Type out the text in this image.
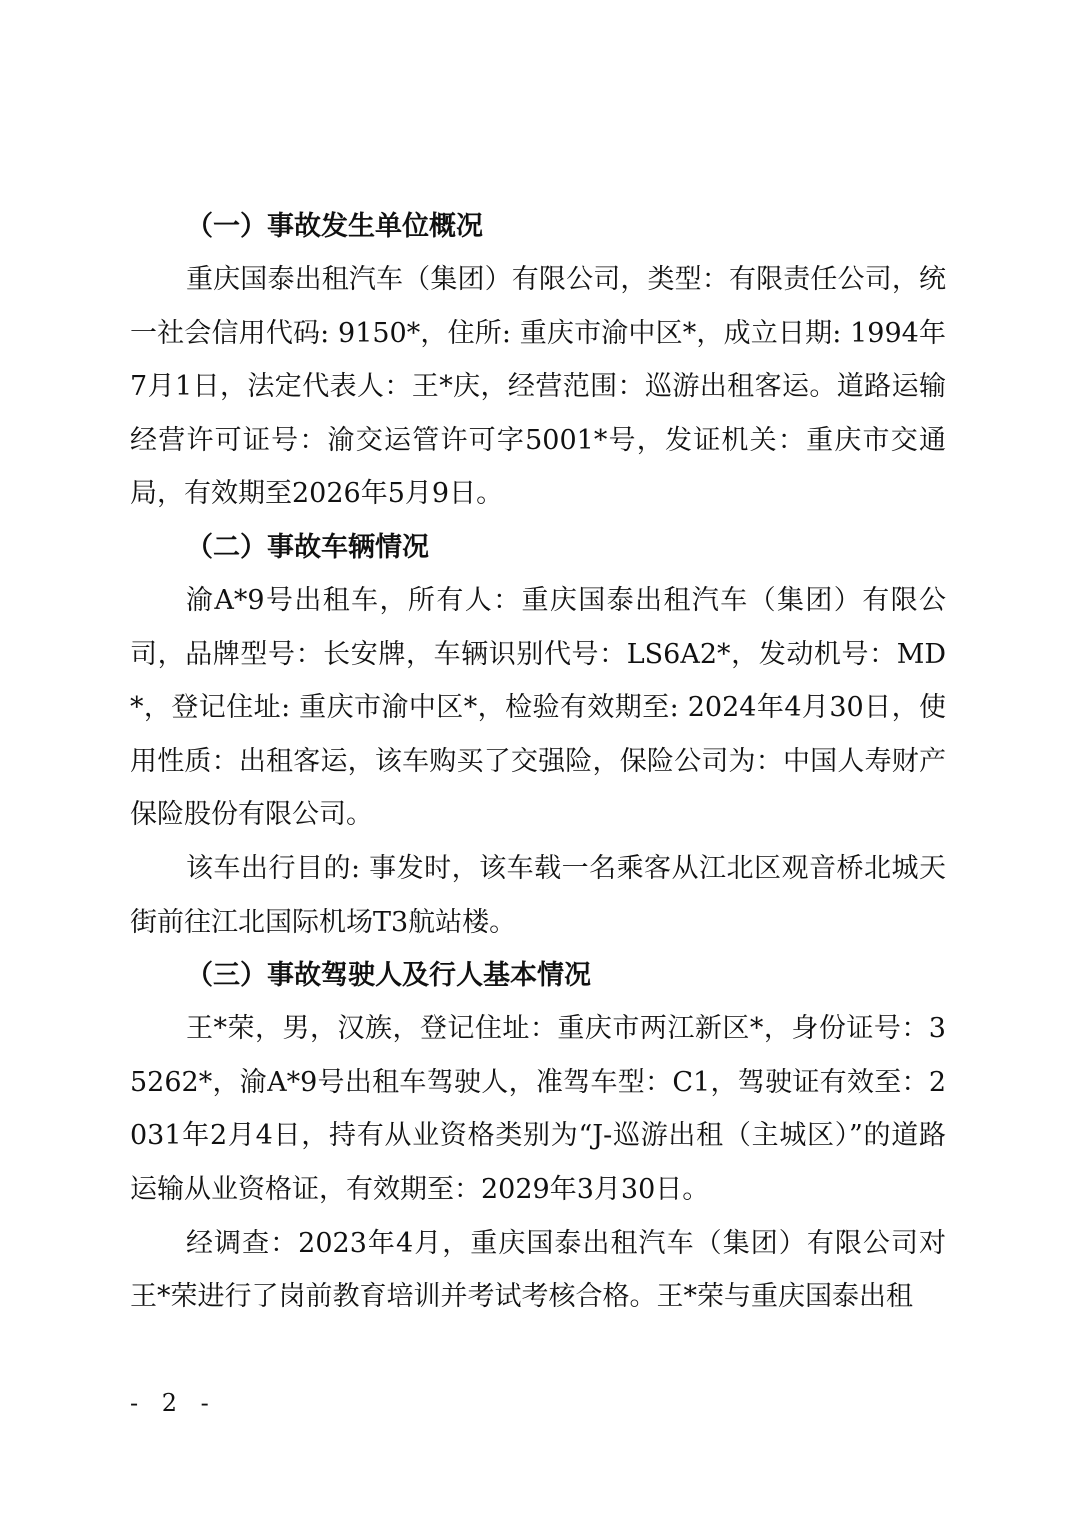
（一）事故发生单位概况

重庆国泰出租汽车（集团）有限公司，类型：有限责任公司，统一社会信用代码: 9150*，住所: 重庆市渝中区*，成立日期: 1994年7月1日，法定代表人：王*庆，经营范围：巡游出租客运。道路运输经营许可证号：渝交运管许可字5001*号，发证机关：重庆市交通局，有效期至2026年5月9日。

（二）事故车辆情况

渝A*9号出租车，所有人：重庆国泰出租汽车（集团）有限公司，品牌型号：长安牌，车辆识别代号：LS6A2*，发动机号：MD*，登记住址: 重庆市渝中区*，检验有效期至: 2024年4月30日，使用性质：出租客运，该车购买了交强险，保险公司为：中国人寿财产保险股份有限公司。

该车出行目的: 事发时，该车载一名乘客从江北区观音桥北城天街前往江北国际机场T3航站楼。

（三）事故驾驶人及行人基本情况

王*荣，男，汉族，登记住址：重庆市两江新区*，身份证号：35262*，渝A*9号出租车驾驶人，准驾车型：C1，驾驶证有效至：2031年2月4日，持有从业资格类别为“J-巡游出租（主城区）”的道路运输从业资格证，有效期至：2029年3月30日。

经调查：2023年4月，重庆国泰出租汽车（集团）有限公司对王*荣进行了岗前教育培训并考试考核合格。王*荣与重庆国泰出租

- 2 -
